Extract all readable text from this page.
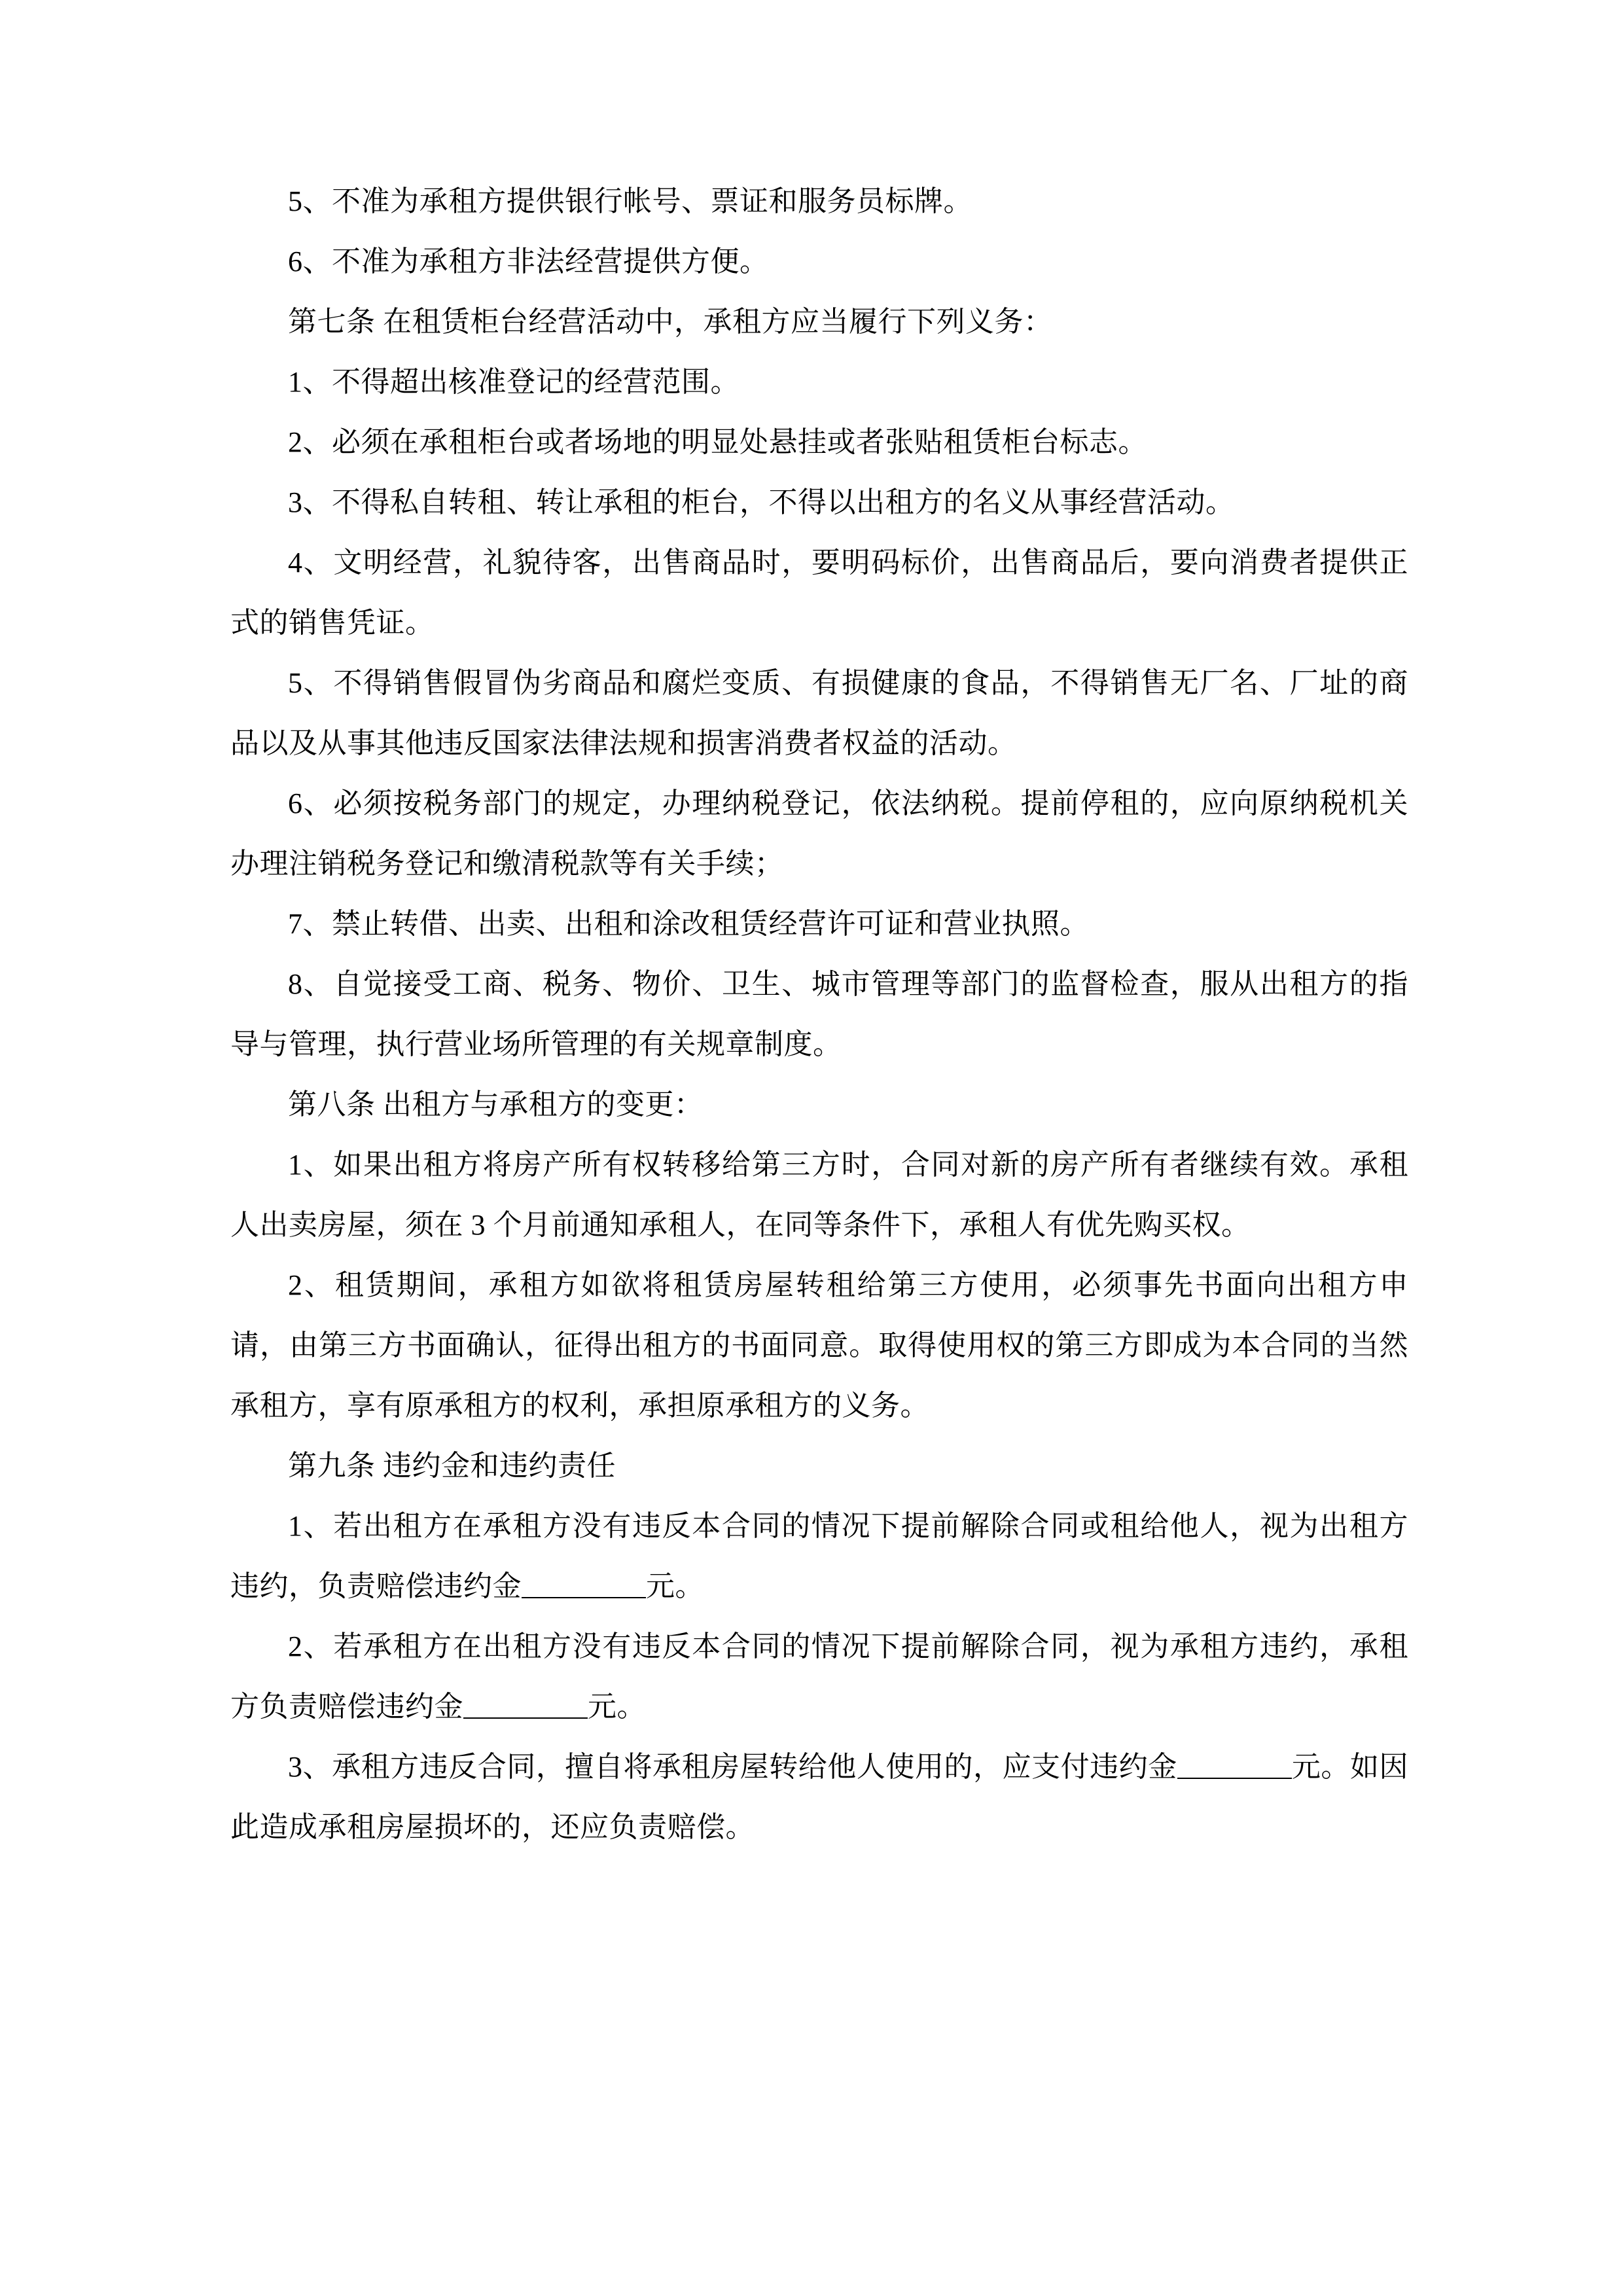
5、不准为承租方提供银行帐号、票证和服务员标牌。

6、不准为承租方非法经营提供方便。

第七条 在租赁柜台经营活动中，承租方应当履行下列义务：

1、不得超出核准登记的经营范围。

2、必须在承租柜台或者场地的明显处悬挂或者张贴租赁柜台标志。

3、不得私自转租、转让承租的柜台，不得以出租方的名义从事经营活动。

4、文明经营，礼貌待客，出售商品时，要明码标价，出售商品后，要向消费者提供正式的销售凭证。

5、不得销售假冒伪劣商品和腐烂变质、有损健康的食品，不得销售无厂名、厂址的商品以及从事其他违反国家法律法规和损害消费者权益的活动。

6、必须按税务部门的规定，办理纳税登记，依法纳税。提前停租的，应向原纳税机关办理注销税务登记和缴清税款等有关手续；

7、禁止转借、出卖、出租和涂改租赁经营许可证和营业执照。

8、自觉接受工商、税务、物价、卫生、城市管理等部门的监督检查，服从出租方的指导与管理，执行营业场所管理的有关规章制度。

第八条 出租方与承租方的变更：

1、如果出租方将房产所有权转移给第三方时，合同对新的房产所有者继续有效。承租人出卖房屋，须在 3 个月前通知承租人，在同等条件下，承租人有优先购买权。

2、租赁期间，承租方如欲将租赁房屋转租给第三方使用，必须事先书面向出租方申请，由第三方书面确认，征得出租方的书面同意。取得使用权的第三方即成为本合同的当然承租方，享有原承租方的权利，承担原承租方的义务。

第九条 违约金和违约责任

1、若出租方在承租方没有违反本合同的情况下提前解除合同或租给他人，视为出租方违约，负责赔偿违约金	元。

2、若承租方在出租方没有违反本合同的情况下提前解除合同，视为承租方违约，承租方负责赔偿违约金	元。

3、承租方违反合同，擅自将承租房屋转给他人使用的，应支付违约金	元。如因此造成承租房屋损坏的，还应负责赔偿。
